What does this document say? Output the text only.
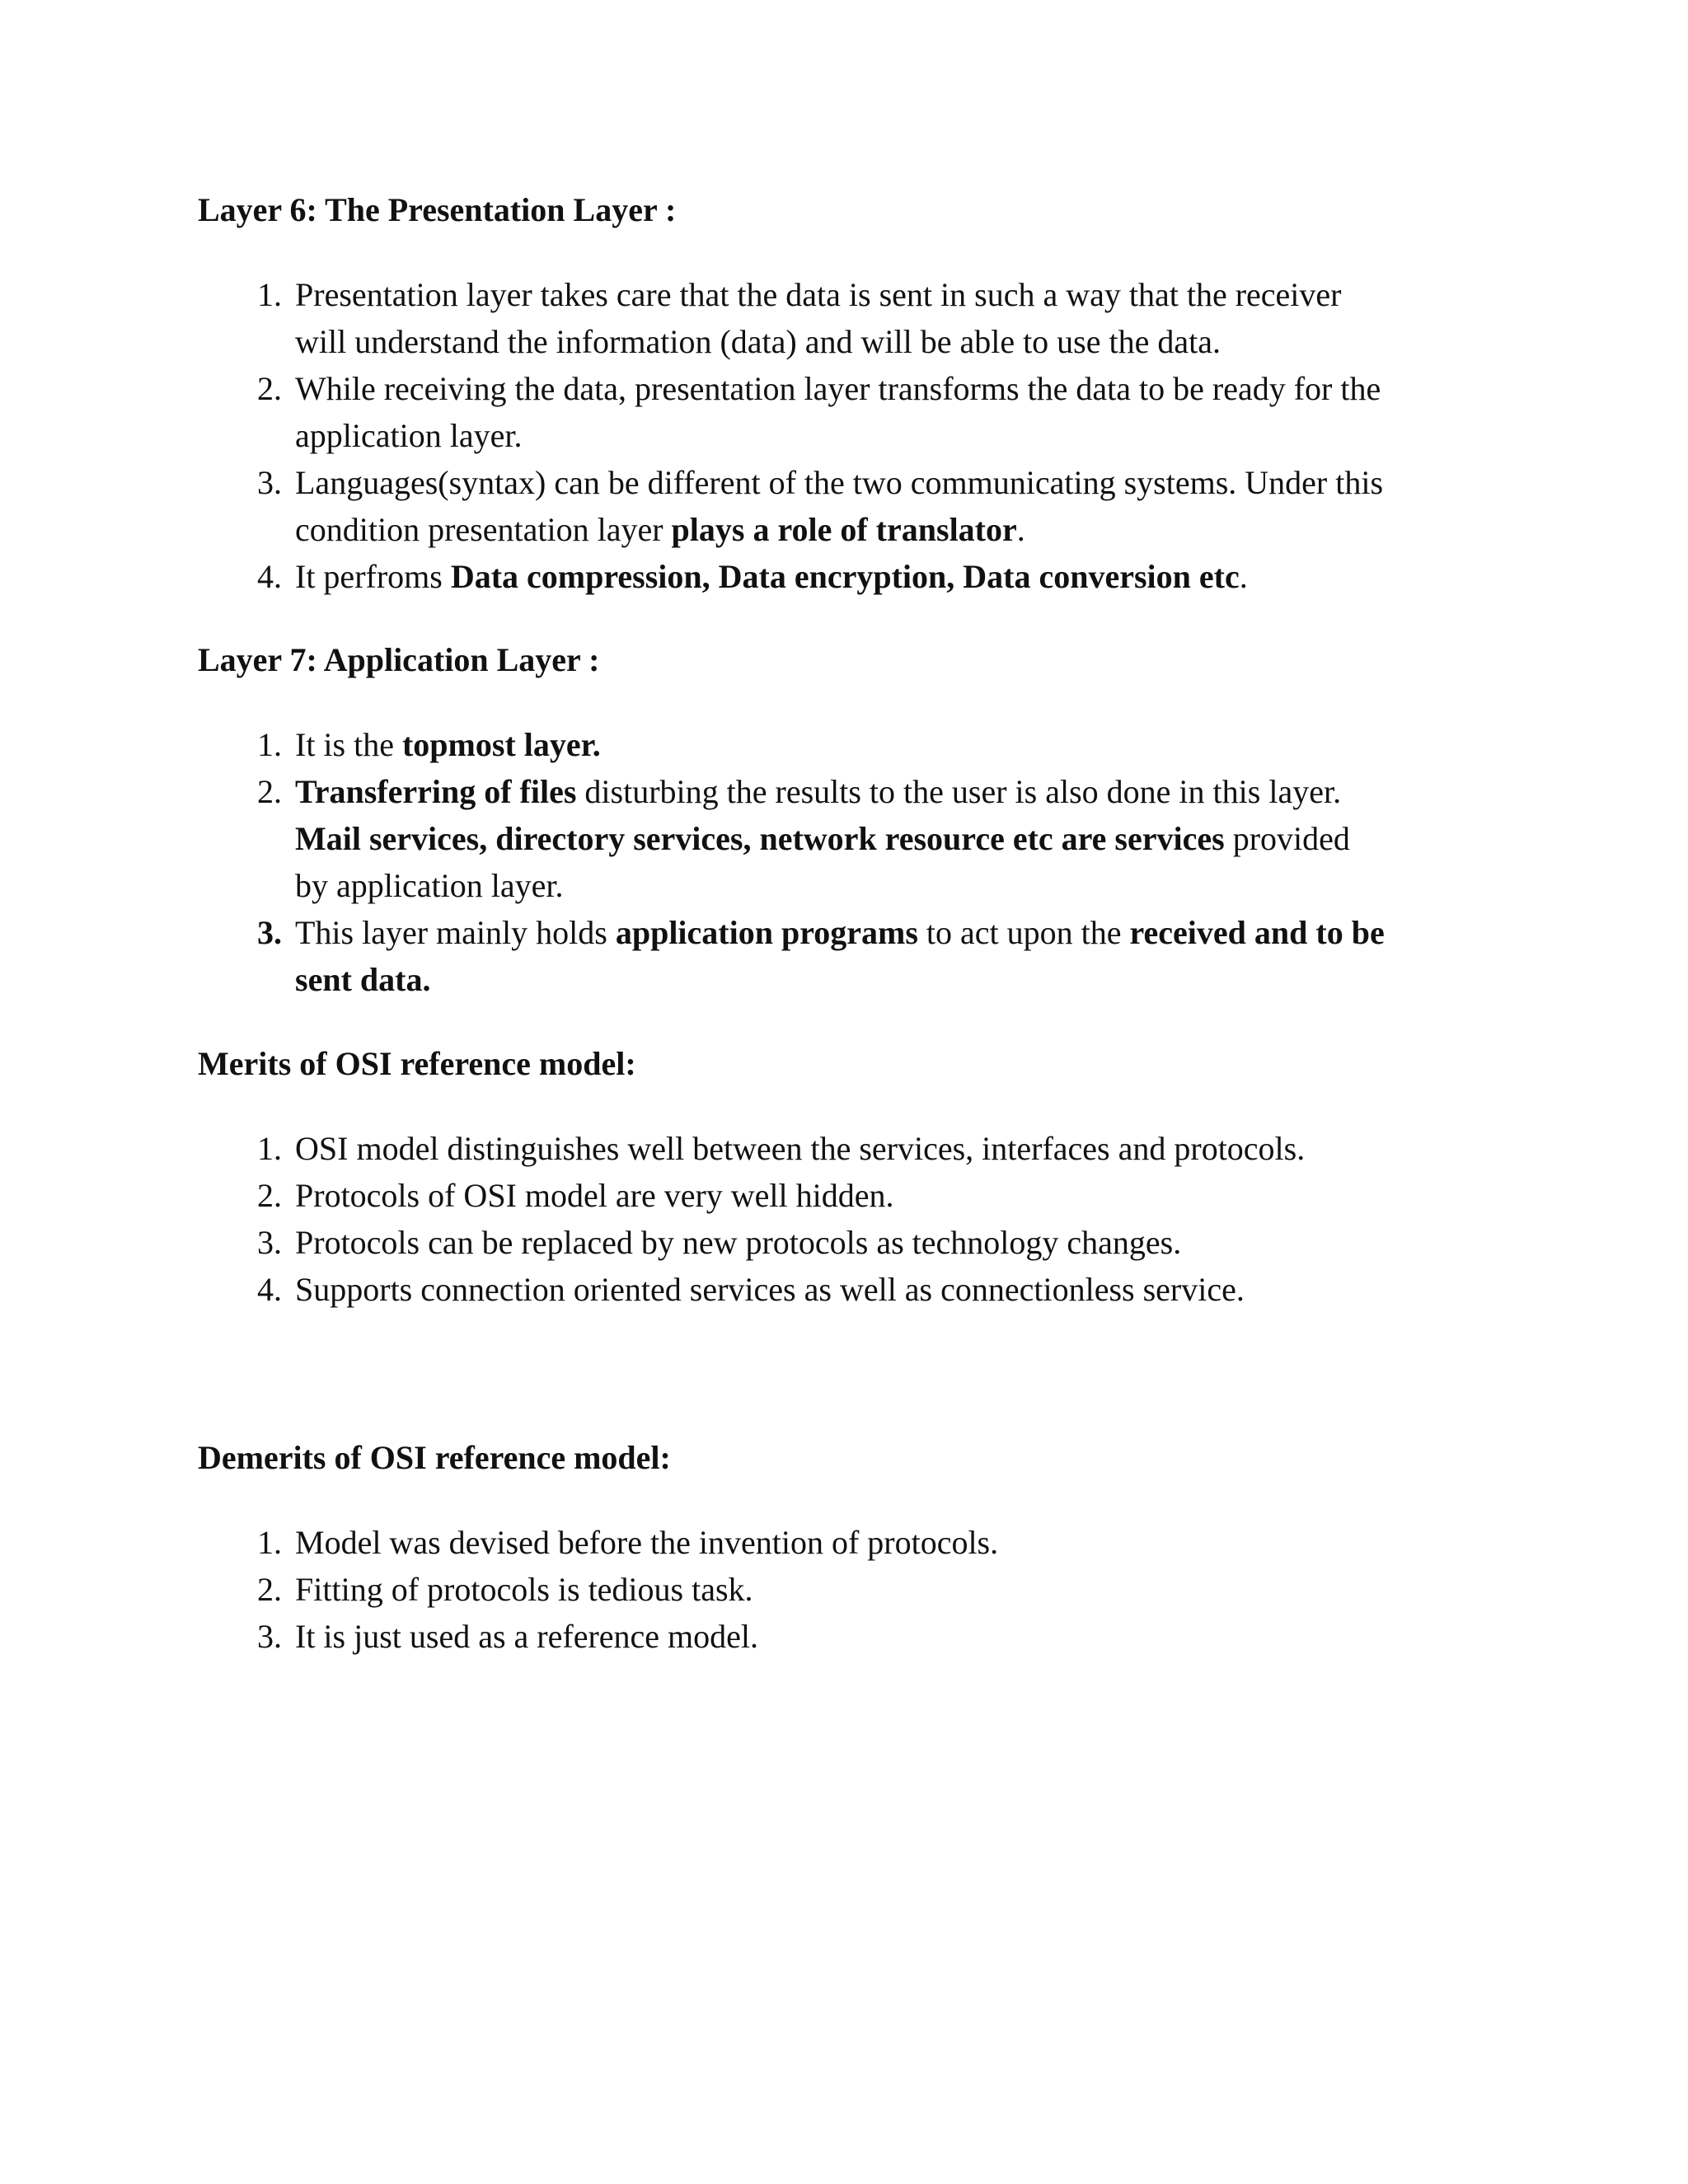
Layer 6: The Presentation Layer :

1. Presentation layer takes care that the data is sent in such a way that the receiver
will understand the information (data) and will be able to use the data.
2. While receiving the data, presentation layer transforms the data to be ready for the
application layer.
3. Languages(syntax) can be different of the two communicating systems. Under this
condition presentation layer plays a role of translator.
4. It perfroms Data compression, Data encryption, Data conversion etc.

Layer 7: Application Layer :

1. It is the topmost layer.
2. Transferring of files disturbing the results to the user is also done in this layer.
Mail services, directory services, network resource etc are services provided
by application layer.
3. This layer mainly holds application programs to act upon the received and to be
sent data.

Merits of OSI reference model:

1. OSI model distinguishes well between the services, interfaces and protocols.
2. Protocols of OSI model are very well hidden.
3. Protocols can be replaced by new protocols as technology changes.
4. Supports connection oriented services as well as connectionless service.

Demerits of OSI reference model:

1. Model was devised before the invention of protocols.
2. Fitting of protocols is tedious task.
3. It is just used as a reference model.
